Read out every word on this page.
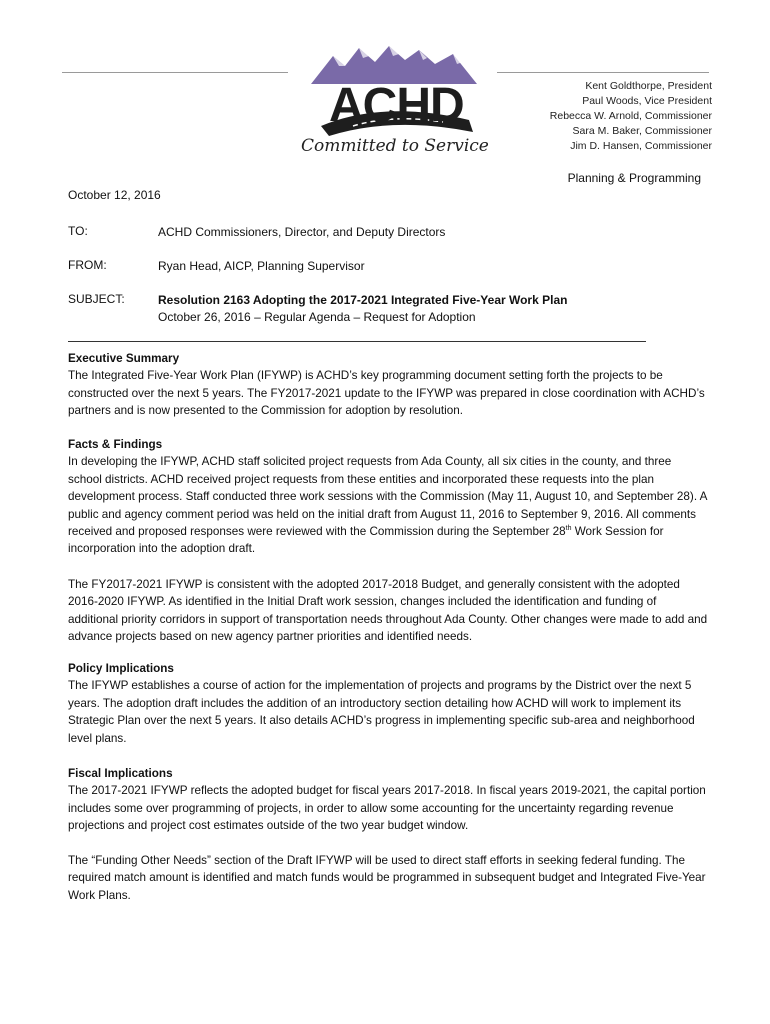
ACHD
Committed to Service
Kent Goldthorpe, President
Paul Woods, Vice President
Rebecca W. Arnold, Commissioner
Sara M. Baker, Commissioner
Jim D. Hansen, Commissioner
Planning & Programming
October 12, 2016
TO:	ACHD Commissioners, Director, and Deputy Directors
FROM:	Ryan Head, AICP, Planning Supervisor
SUBJECT:	Resolution 2163 Adopting the 2017-2021 Integrated Five-Year Work Plan
October 26, 2016 – Regular Agenda – Request for Adoption
Executive Summary

The Integrated Five-Year Work Plan (IFYWP) is ACHD’s key programming document setting forth the projects to be constructed over the next 5 years. The FY2017-2021 update to the IFYWP was prepared in close coordination with ACHD’s partners and is now presented to the Commission for adoption by resolution.

Facts & Findings

In developing the IFYWP, ACHD staff solicited project requests from Ada County, all six cities in the county, and three school districts. ACHD received project requests from these entities and incorporated these requests into the plan development process. Staff conducted three work sessions with the Commission (May 11, August 10, and September 28). A public and agency comment period was held on the initial draft from August 11, 2016 to September 9, 2016. All comments received and proposed responses were reviewed with the Commission during the September 28th Work Session for incorporation into the adoption draft.

The FY2017-2021 IFYWP is consistent with the adopted 2017-2018 Budget, and generally consistent with the adopted 2016-2020 IFYWP. As identified in the Initial Draft work session, changes included the identification and funding of additional priority corridors in support of transportation needs throughout Ada County. Other changes were made to add and advance projects based on new agency partner priorities and identified needs.

Policy Implications

The IFYWP establishes a course of action for the implementation of projects and programs by the District over the next 5 years. The adoption draft includes the addition of an introductory section detailing how ACHD will work to implement its Strategic Plan over the next 5 years. It also details ACHD’s progress in implementing specific sub-area and neighborhood level plans.

Fiscal Implications

The 2017-2021 IFYWP reflects the adopted budget for fiscal years 2017-2018. In fiscal years 2019-2021, the capital portion includes some over programming of projects, in order to allow some accounting for the uncertainty regarding revenue projections and project cost estimates outside of the two year budget window.

The “Funding Other Needs” section of the Draft IFYWP will be used to direct staff efforts in seeking federal funding. The required match amount is identified and match funds would be programmed in subsequent budget and Integrated Five-Year Work Plans.
